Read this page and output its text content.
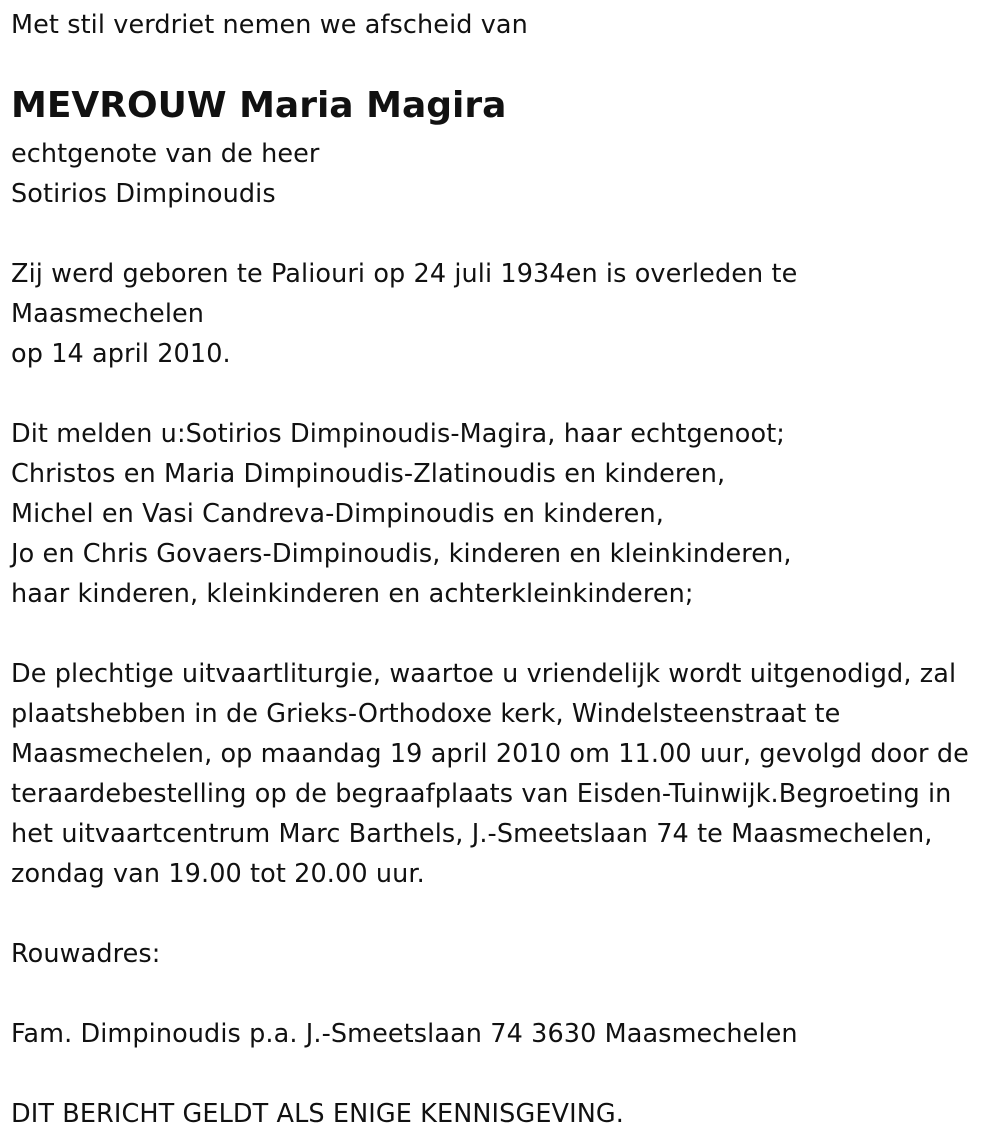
Met stil verdriet nemen we afscheid van
MEVROUW Maria Magira
echtgenote van de heer
Sotirios Dimpinoudis
Zij werd geboren te Paliouri op 24 juli 1934en is overleden te
Maasmechelen
op 14 april 2010.
Dit melden u:Sotirios Dimpinoudis-Magira, haar echtgenoot;
Christos en Maria Dimpinoudis-Zlatinoudis en kinderen,
Michel en Vasi Candreva-Dimpinoudis en kinderen,
Jo en Chris Govaers-Dimpinoudis, kinderen en kleinkinderen,
haar kinderen, kleinkinderen en achterkleinkinderen;
De plechtige uitvaartliturgie, waartoe u vriendelijk wordt uitgenodigd, zal
plaatshebben in de Grieks-Orthodoxe kerk, Windelsteenstraat te
Maasmechelen, op maandag 19 april 2010 om 11.00 uur, gevolgd door de
teraardebestelling op de begraafplaats van Eisden-Tuinwijk.Begroeting in
het uitvaartcentrum Marc Barthels, J.-Smeetslaan 74 te Maasmechelen,
zondag van 19.00 tot 20.00 uur.
Rouwadres:
Fam. Dimpinoudis p.a. J.-Smeetslaan 74 3630 Maasmechelen
DIT BERICHT GELDT ALS ENIGE KENNISGEVING.
